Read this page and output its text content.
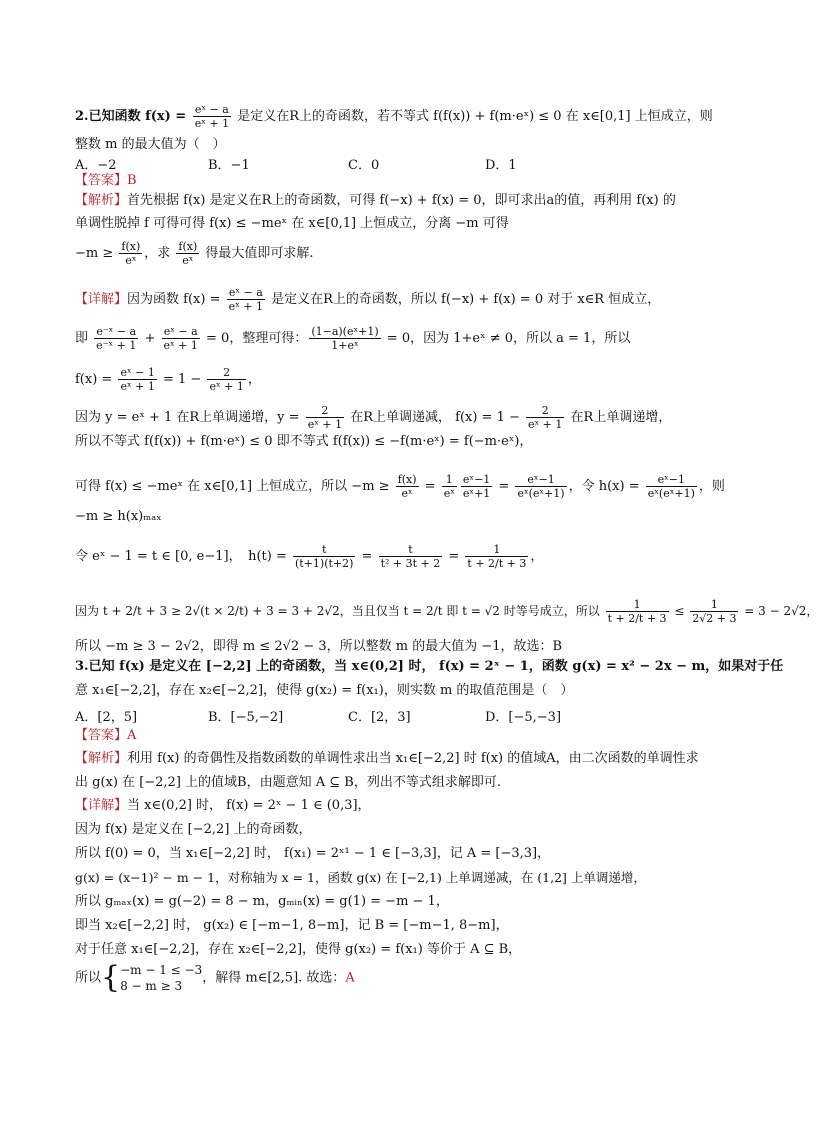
2.已知函数 $f(x) = \frac{\text{eˣ − a}}{\text{eˣ + 1}}$ 是定义在R上的奇函数，若不等式 f(f(x)) + f(m·eˣ) ≤ 0 在 x∈[0,1] 上恒成立，则
整数 m 的最大值为（　）
A．−2	B．−1	C．0	D．1
【答案】B
【解析】首先根据 f(x) 是定义在R上的奇函数，可得 f(−x) + f(x) = 0，即可求出a的值，再利用 f(x) 的
单调性脱掉 f 可得可得 f(x) ≤ −meˣ 在 x∈[0,1] 上恒成立，分离 −m 可得
$-m \ge \frac{f(x)}{\text{eˣ}}$ ，求 $\frac{f(x)}{\text{eˣ}}$ 得最大值即可求解.
【详解】因为函数 $f(x) = \frac{\text{eˣ − a}}{\text{eˣ + 1}}$ 是定义在R上的奇函数，所以 f(−x) + f(x) = 0 对于 x∈R 恒成立，
即 $\frac{\text{e⁻ˣ − a}}{\text{e⁻ˣ + 1}} + \frac{\text{eˣ − a}}{\text{eˣ + 1}} = 0$，整理可得： $\frac{\text{(1−a)(eˣ+1)}}{\text{1+eˣ}} = 0$，因为 1+eˣ ≠ 0，所以 a = 1，所以
$f(x) = \frac{\text{eˣ − 1}}{\text{eˣ + 1}} = 1 - \frac{2}{\text{eˣ + 1}}$ ，
因为 y = eˣ + 1 在R上单调递增，$y = \frac{2}{\text{eˣ + 1}}$ 在R上单调递减， $f(x) = 1 - \frac{2}{\text{eˣ + 1}}$ 在R上单调递增，
所以不等式 f(f(x)) + f(m·eˣ) ≤ 0 即不等式 f(f(x)) ≤ −f(m·eˣ) = f(−m·eˣ)，
可得 f(x) ≤ −meˣ 在 x∈[0,1] 上恒成立，所以 $-m \ge \frac{f(x)}{\text{eˣ}} = \frac{1}{\text{eˣ}} \frac{\text{eˣ−1}}{\text{eˣ+1}} = \frac{\text{eˣ−1}}{\text{eˣ(eˣ+1)}}$ ，令 $h(x) = \frac{\text{eˣ−1}}{\text{eˣ(eˣ+1)}}$ ，则
−m ≥ h(x)ₘₐₓ
令 eˣ − 1 = t ∈ [0, e−1]，　$h(t) = \frac{t}{(t+1)(t+2)} = \frac{t}{\text{t² + 3t + 2}} = \frac{1}{t + 2/t + 3}$ ，
因为 t + 2/t + 3 ≥ 2√(t × 2/t) + 3 = 3 + 2√2，当且仅当 t = 2/t 即 t = √2 时等号成立，所以 $\frac{1}{t + 2/t + 3} \le \frac{1}{2√2 + 3} = 3 - 2√2$，
所以 −m ≥ 3 − 2√2，即得 m ≤ 2√2 − 3，所以整数 m 的最大值为 −1，故选：B
3.已知 f(x) 是定义在 [−2,2] 上的奇函数，当 x∈(0,2] 时， f(x) = 2ˣ − 1，函数 g(x) = x² − 2x − m，如果对于任
意 x₁∈[−2,2]，存在 x₂∈[−2,2]，使得 g(x₂) = f(x₁)，则实数 m 的取值范围是（　）
A．[2，5]	B．[−5,−2]	C．[2，3]	D．[−5,−3]
【答案】A
【解析】利用 f(x) 的奇偶性及指数函数的单调性求出当 x₁∈[−2,2] 时 f(x) 的值域A，由二次函数的单调性求
出 g(x) 在 [−2,2] 上的值域B，由题意知 A ⊆ B，列出不等式组求解即可.
【详解】当 x∈(0,2] 时， f(x) = 2ˣ − 1 ∈ (0,3]，
因为 f(x) 是定义在 [−2,2] 上的奇函数，
所以 f(0) = 0，当 x₁∈[−2,2] 时， f(x₁) = 2ˣ¹ − 1 ∈ [−3,3]，记 A = [−3,3]，
g(x) = (x−1)² − m − 1，对称轴为 x = 1，函数 g(x) 在 [−2,1) 上单调递减，在 (1,2] 上单调递增，
所以 gₘₐₓ(x) = g(−2) = 8 − m，gₘᵢₙ(x) = g(1) = −m − 1，
即当 x₂∈[−2,2] 时， g(x₂) ∈ [−m−1, 8−m]，记 B = [−m−1, 8−m]，
对于任意 x₁∈[−2,2]，存在 x₂∈[−2,2]，使得 g(x₂) = f(x₁) 等价于 A ⊆ B，
所以{ −m − 1 ≤ −3
8 − m ≥ 3
，解得 m∈[2,5]. 故选：A
